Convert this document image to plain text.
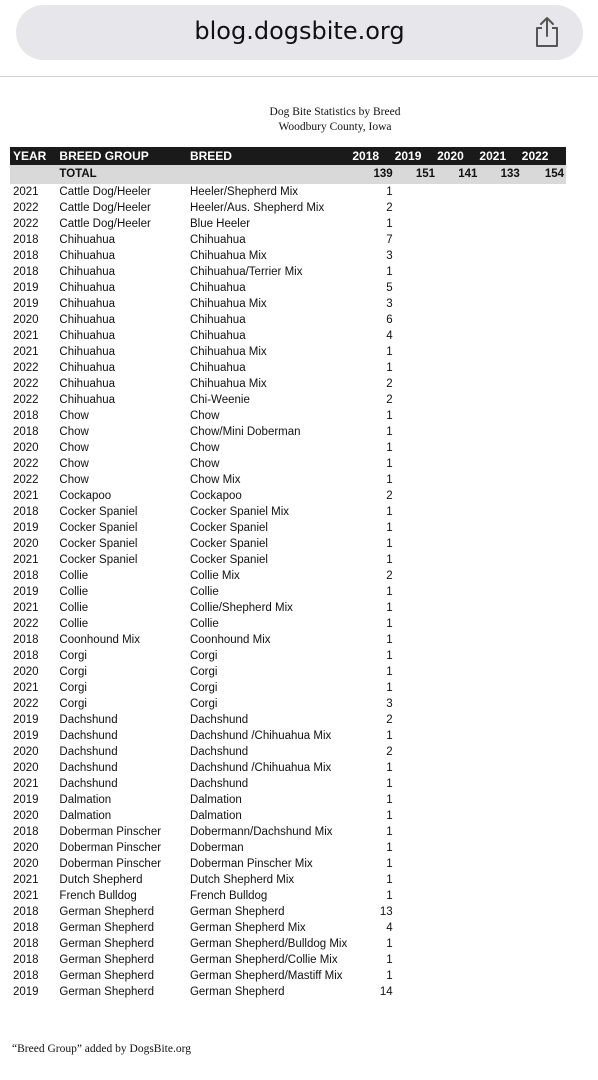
blog.dogsbite.org
Dog Bite Statistics by Breed
Woodbury County, Iowa
YEAR	BREED GROUP	BREED	2018	2019	2020	2021	2022
	TOTAL		139	151	141	133	154
2021	Cattle Dog/Heeler	Heeler/Shepherd Mix	1				
2022	Cattle Dog/Heeler	Heeler/Aus. Shepherd Mix	2				
2022	Cattle Dog/Heeler	Blue Heeler	1				
2018	Chihuahua	Chihuahua	7				
2018	Chihuahua	Chihuahua Mix	3				
2018	Chihuahua	Chihuahua/Terrier Mix	1				
2019	Chihuahua	Chihuahua	5				
2019	Chihuahua	Chihuahua Mix	3				
2020	Chihuahua	Chihuahua	6				
2021	Chihuahua	Chihuahua	4				
2021	Chihuahua	Chihuahua Mix	1				
2022	Chihuahua	Chihuahua	1				
2022	Chihuahua	Chihuahua Mix	2				
2022	Chihuahua	Chi-Weenie	2				
2018	Chow	Chow	1				
2018	Chow	Chow/Mini Doberman	1				
2020	Chow	Chow	1				
2022	Chow	Chow	1				
2022	Chow	Chow Mix	1				
2021	Cockapoo	Cockapoo	2				
2018	Cocker Spaniel	Cocker Spaniel Mix	1				
2019	Cocker Spaniel	Cocker Spaniel	1				
2020	Cocker Spaniel	Cocker Spaniel	1				
2021	Cocker Spaniel	Cocker Spaniel	1				
2018	Collie	Collie Mix	2				
2019	Collie	Collie	1				
2021	Collie	Collie/Shepherd Mix	1				
2022	Collie	Collie	1				
2018	Coonhound Mix	Coonhound Mix	1				
2018	Corgi	Corgi	1				
2020	Corgi	Corgi	1				
2021	Corgi	Corgi	1				
2022	Corgi	Corgi	3				
2019	Dachshund	Dachshund	2				
2019	Dachshund	Dachshund /Chihuahua Mix	1				
2020	Dachshund	Dachshund	2				
2020	Dachshund	Dachshund /Chihuahua Mix	1				
2021	Dachshund	Dachshund	1				
2019	Dalmation	Dalmation	1				
2020	Dalmation	Dalmation	1				
2018	Doberman Pinscher	Dobermann/Dachshund Mix	1				
2020	Doberman Pinscher	Doberman	1				
2020	Doberman Pinscher	Doberman Pinscher Mix	1				
2021	Dutch Shepherd	Dutch Shepherd Mix	1				
2021	French Bulldog	French Bulldog	1				
2018	German Shepherd	German Shepherd	13				
2018	German Shepherd	German Shepherd Mix	4				
2018	German Shepherd	German Shepherd/Bulldog Mix	1				
2018	German Shepherd	German Shepherd/Collie Mix	1				
2018	German Shepherd	German Shepherd/Mastiff Mix	1				
2019	German Shepherd	German Shepherd	14				
“Breed Group” added by DogsBite.org
